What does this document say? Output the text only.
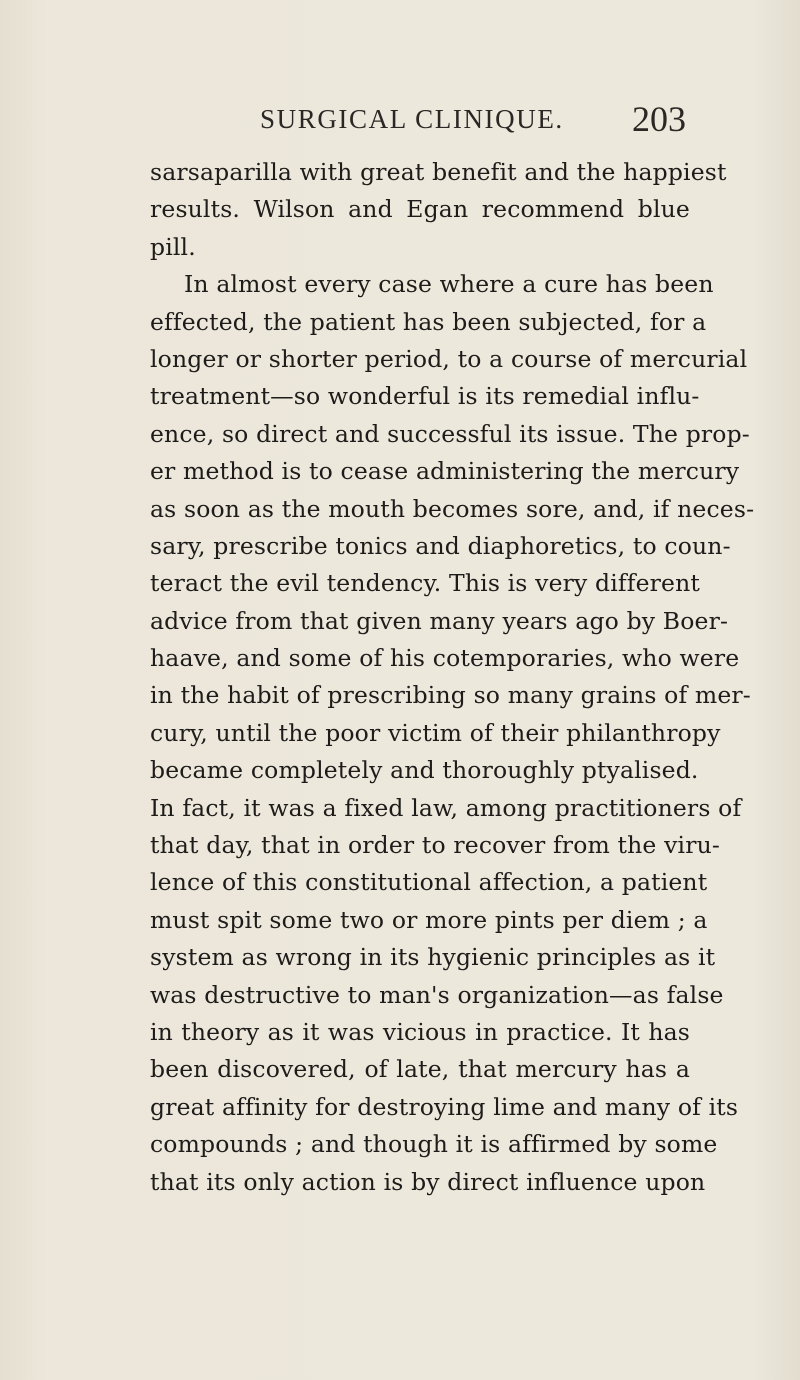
SURGICAL CLINIQUE. 203
sarsaparilla with great benefit and the happiest
results. Wilson and Egan recommend blue
pill.
In almost every case where a cure has been
effected, the patient has been subjected, for a
longer or shorter period, to a course of mercurial
treatment—so wonderful is its remedial influ-
ence, so direct and successful its issue. The prop-
er method is to cease administering the mercury
as soon as the mouth becomes sore, and, if neces-
sary, prescribe tonics and diaphoretics, to coun-
teract the evil tendency. This is very different
advice from that given many years ago by Boer-
haave, and some of his cotemporaries, who were
in the habit of prescribing so many grains of mer-
cury, until the poor victim of their philanthropy
became completely and thoroughly ptyalised.
In fact, it was a fixed law, among practitioners of
that day, that in order to recover from the viru-
lence of this constitutional affection, a patient
must spit some two or more pints per diem ; a
system as wrong in its hygienic principles as it
was destructive to man's organization—as false
in theory as it was vicious in practice. It has
been discovered, of late, that mercury has a
great affinity for destroying lime and many of its
compounds ; and though it is affirmed by some
that its only action is by direct influence upon
